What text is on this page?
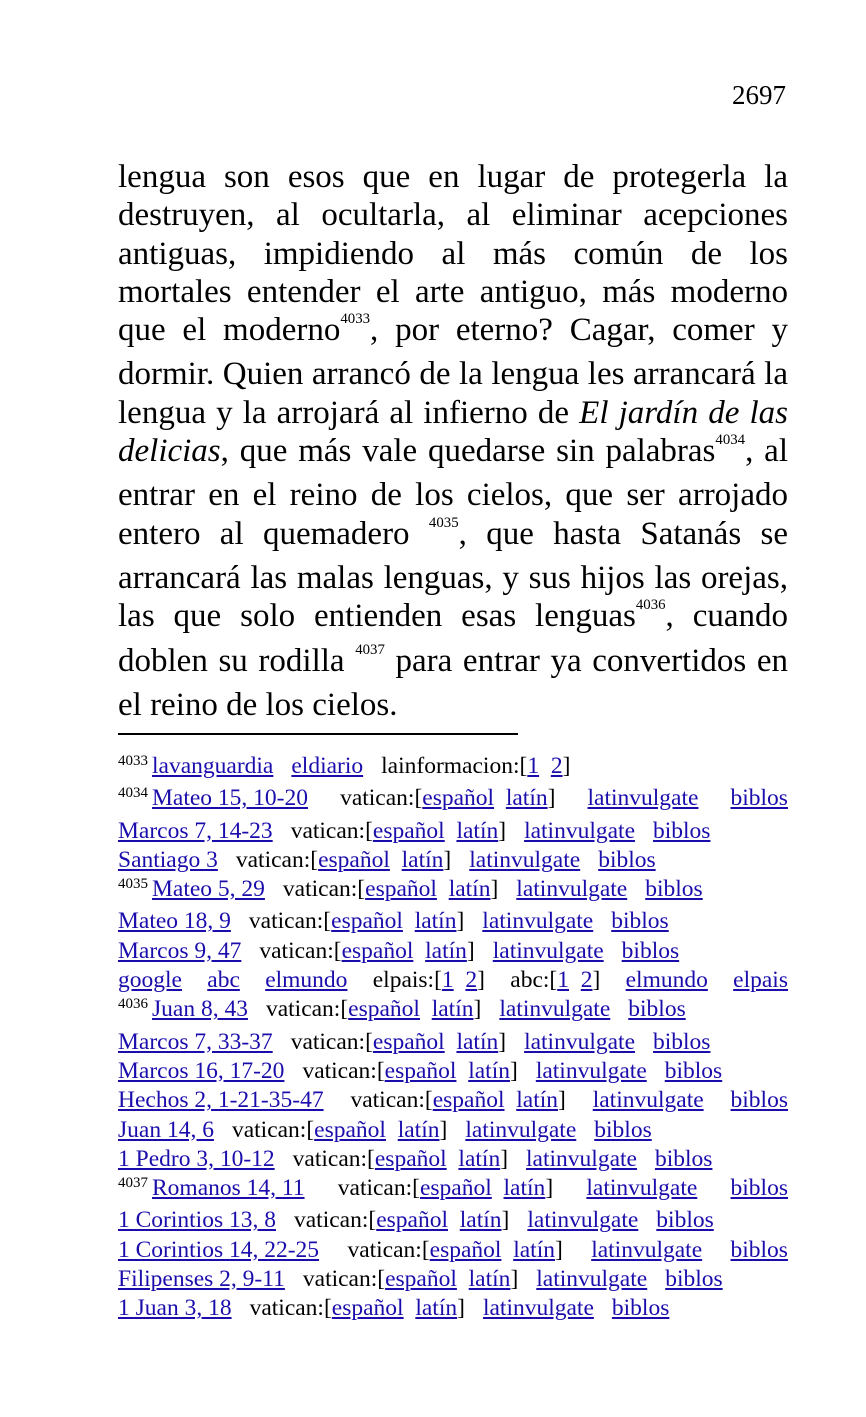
2697

lengua son esos que en lugar de protegerla la destruyen, al ocultarla, al eliminar acepciones antiguas, impidiendo al más común de los mortales entender el arte antiguo, más moderno que el moderno$^{4033}$, por eterno? Cagar, comer y dormir. Quien arrancó de la lengua les arrancará la lengua y la arrojará al infierno de El jardín de las delicias, que más vale quedarse sin palabras$^{4034}$, al entrar en el reino de los cielos, que ser arrojado entero al quemadero $^{4035}$, que hasta Satanás se arrancará las malas lenguas, y sus hijos las orejas, las que solo entienden esas lenguas$^{4036}$, cuando doblen su rodilla $^{4037}$ para entrar ya convertidos en el reino de los cielos.

$^{4033}$ lavanguardia eldiario lainformacion:[1 2]
$^{4034}$ Mateo 15, 10-20 vatican:[español latín] latinvulgate biblos
Marcos 7, 14-23 vatican:[español latín] latinvulgate biblos
Santiago 3 vatican:[español latín] latinvulgate biblos
$^{4035}$ Mateo 5, 29 vatican:[español latín] latinvulgate biblos
Mateo 18, 9 vatican:[español latín] latinvulgate biblos
Marcos 9, 47 vatican:[español latín] latinvulgate biblos
google abc elmundo elpais:[1 2] abc:[1 2] elmundo elpais
$^{4036}$ Juan 8, 43 vatican:[español latín] latinvulgate biblos
Marcos 7, 33-37 vatican:[español latín] latinvulgate biblos
Marcos 16, 17-20 vatican:[español latín] latinvulgate biblos
Hechos 2, 1-21-35-47 vatican:[español latín] latinvulgate biblos
Juan 14, 6 vatican:[español latín] latinvulgate biblos
1 Pedro 3, 10-12 vatican:[español latín] latinvulgate biblos
$^{4037}$ Romanos 14, 11 vatican:[español latín] latinvulgate biblos
1 Corintios 13, 8 vatican:[español latín] latinvulgate biblos
1 Corintios 14, 22-25 vatican:[español latín] latinvulgate biblos
Filipenses 2, 9-11 vatican:[español latín] latinvulgate biblos
1 Juan 3, 18 vatican:[español latín] latinvulgate biblos
